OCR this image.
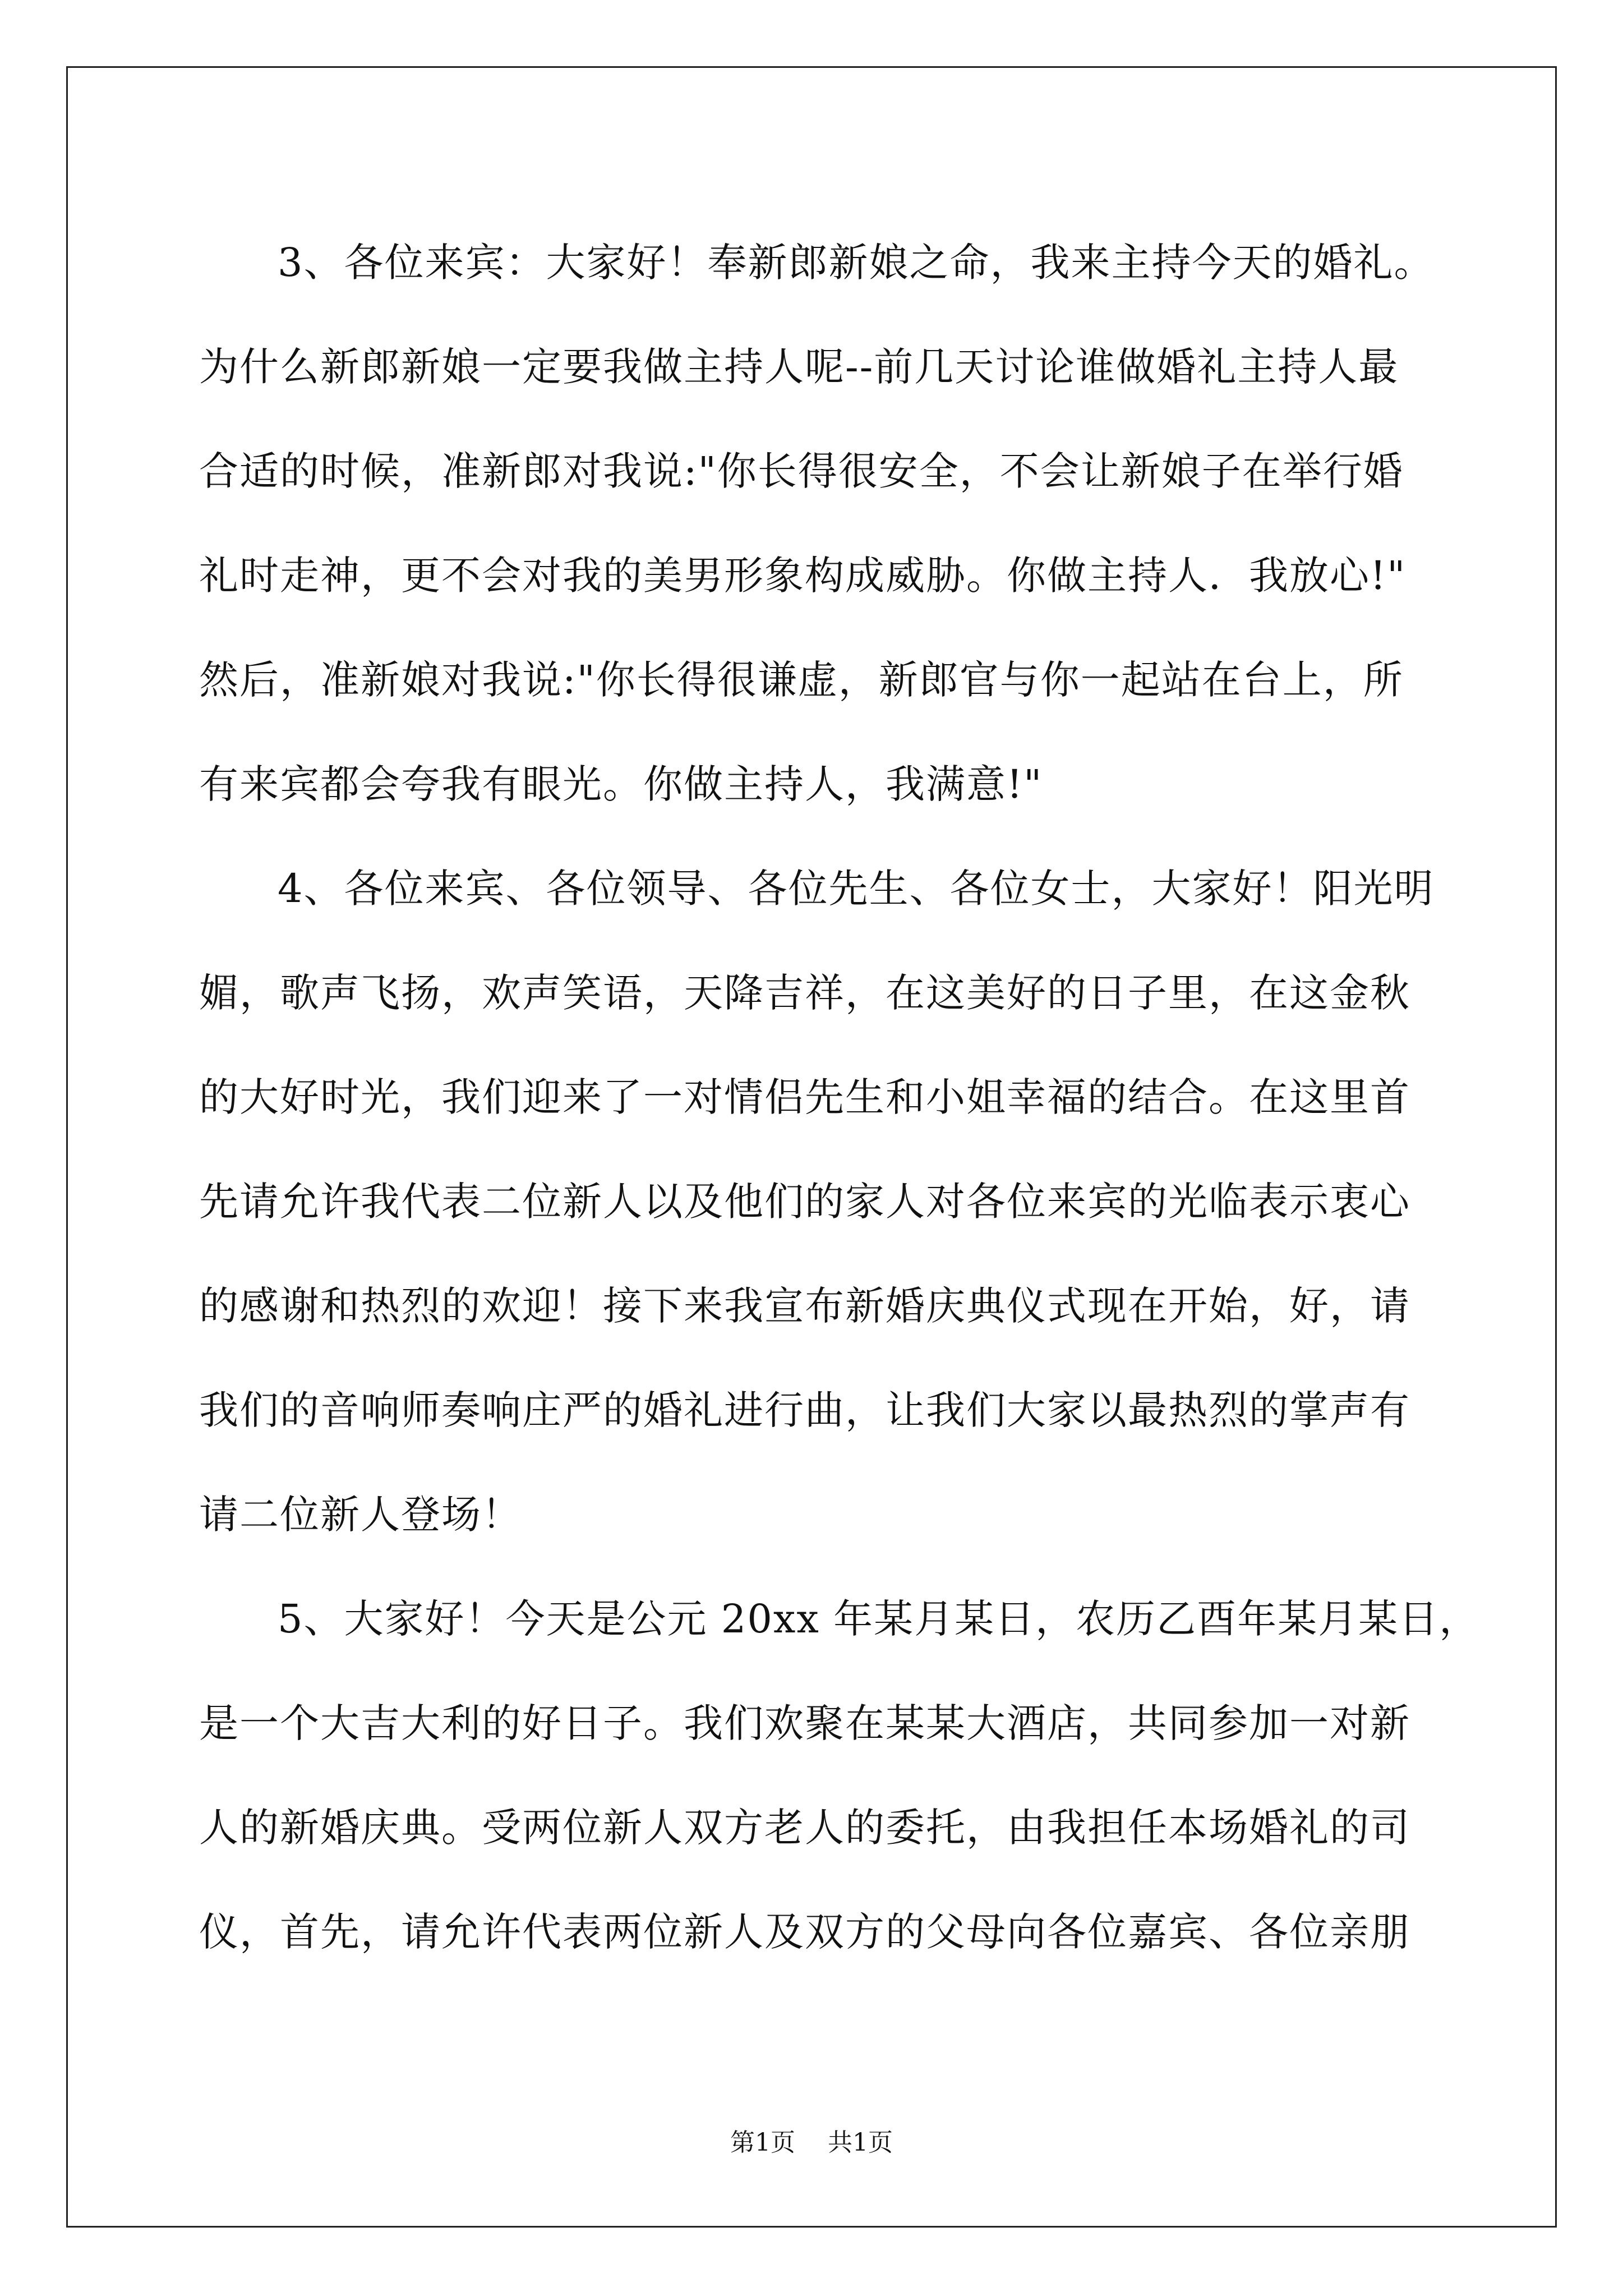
3、各位来宾：大家好！奉新郎新娘之命，我来主持今天的婚礼。
为什么新郎新娘一定要我做主持人呢--前几天讨论谁做婚礼主持人最
合适的时候，准新郎对我说:"你长得很安全，不会让新娘子在举行婚
礼时走神，更不会对我的美男形象构成威胁。你做主持人．我放心!"
然后，准新娘对我说:"你长得很谦虚，新郎官与你一起站在台上，所
有来宾都会夸我有眼光。你做主持人，我满意!"
4、各位来宾、各位领导、各位先生、各位女士，大家好！阳光明
媚，歌声飞扬，欢声笑语，天降吉祥，在这美好的日子里，在这金秋
的大好时光，我们迎来了一对情侣先生和小姐幸福的结合。在这里首
先请允许我代表二位新人以及他们的家人对各位来宾的光临表示衷心
的感谢和热烈的欢迎！接下来我宣布新婚庆典仪式现在开始，好，请
我们的音响师奏响庄严的婚礼进行曲，让我们大家以最热烈的掌声有
请二位新人登场！
5、大家好！今天是公元 20xx 年某月某日，农历乙酉年某月某日，
是一个大吉大利的好日子。我们欢聚在某某大酒店，共同参加一对新
人的新婚庆典。受两位新人双方老人的委托，由我担任本场婚礼的司
仪，首先，请允许代表两位新人及双方的父母向各位嘉宾、各位亲朋
第1页 共1页
